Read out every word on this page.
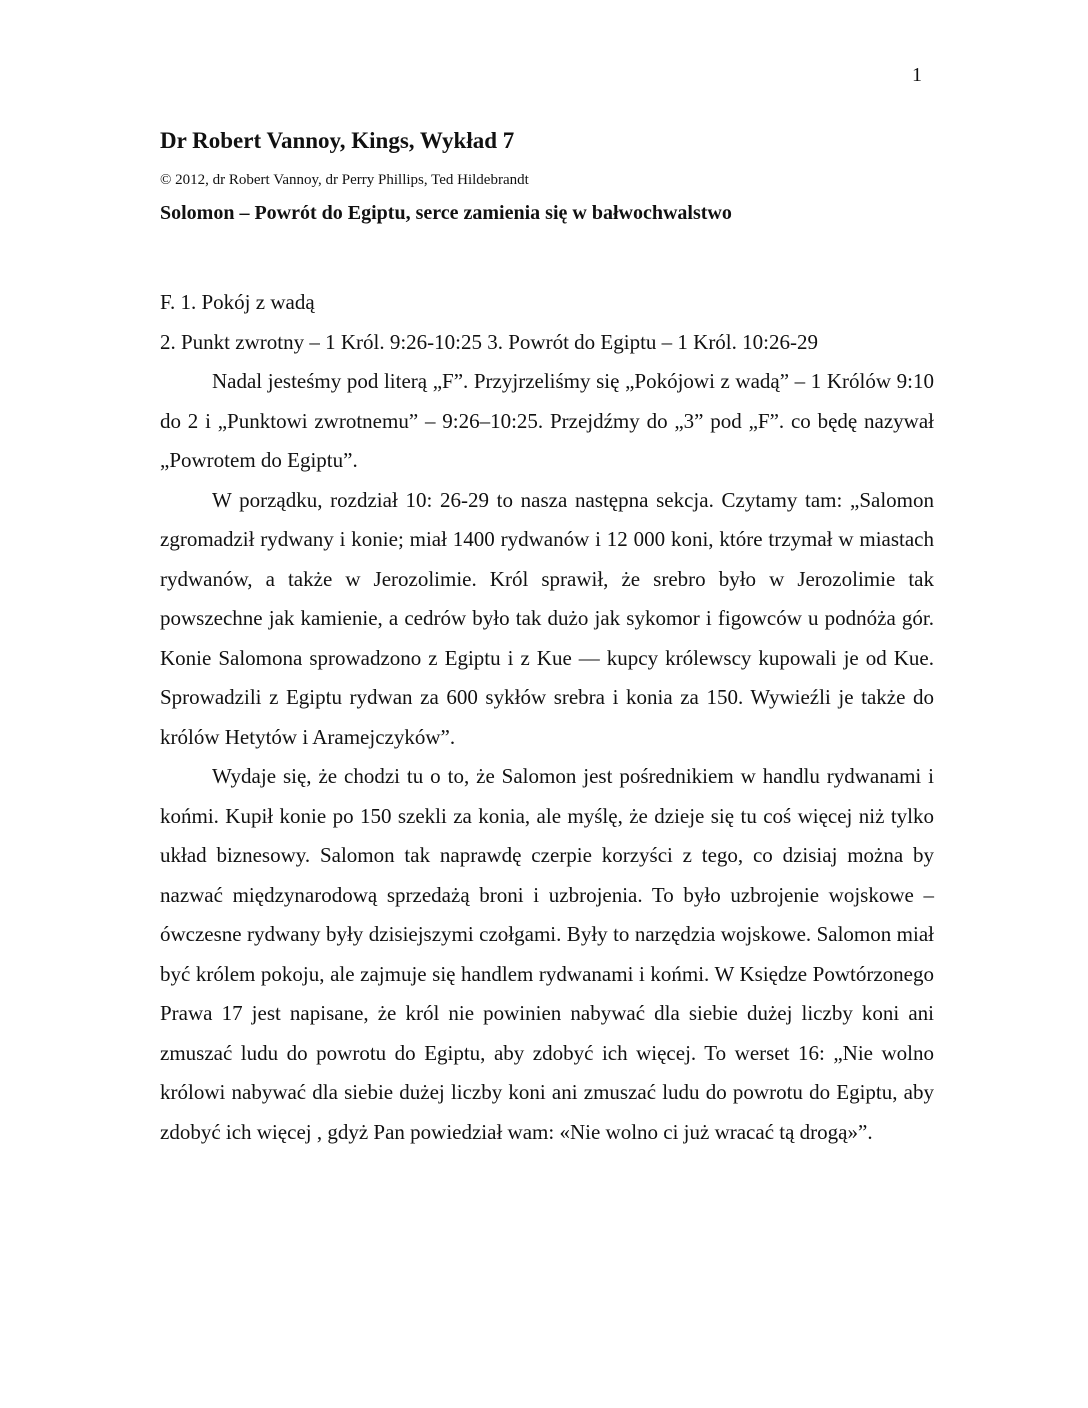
1
Dr Robert Vannoy, Kings, Wykład 7
© 2012, dr Robert Vannoy, dr Perry Phillips, Ted Hildebrandt
Solomon – Powrót do Egiptu, serce zamienia się w bałwochwalstwo
F. 1. Pokój z wadą
2. Punkt zwrotny – 1 Król. 9:26-10:25 3. Powrót do Egiptu – 1 Król. 10:26-29

Nadal jesteśmy pod literą „F”. Przyjrzeliśmy się „Pokójowi z wadą” – 1 Królów 9:10 do 2 i „Punktowi zwrotnemu” – 9:26–10:25. Przejdźmy do „3” pod „F”. co będę nazywał „Powrotem do Egiptu”.

W porządku, rozdział 10: 26-29 to nasza następna sekcja. Czytamy tam: „Salomon zgromadził rydwany i konie; miał 1400 rydwanów i 12 000 koni, które trzymał w miastach rydwanów, a także w Jerozolimie. Król sprawił, że srebro było w Jerozolimie tak powszechne jak kamienie, a cedrów było tak dużo jak sykomor i figowców u podnóża gór. Konie Salomona sprowadzono z Egiptu i z Kue — kupcy królewscy kupowali je od Kue. Sprowadzili z Egiptu rydwan za 600 sykłów srebra i konia za 150. Wywieźli je także do królów Hetytów i Aramejczyków”.

Wydaje się, że chodzi tu o to, że Salomon jest pośrednikiem w handlu rydwanami i końmi. Kupił konie po 150 szekli za konia, ale myślę, że dzieje się tu coś więcej niż tylko układ biznesowy. Salomon tak naprawdę czerpie korzyści z tego, co dzisiaj można by nazwać międzynarodową sprzedażą broni i uzbrojenia. To było uzbrojenie wojskowe – ówczesne rydwany były dzisiejszymi czołgami. Były to narzędzia wojskowe. Salomon miał być królem pokoju, ale zajmuje się handlem rydwanami i końmi. W Księdze Powtórzonego Prawa 17 jest napisane, że król nie powinien nabywać dla siebie dużej liczby koni ani zmuszać ludu do powrotu do Egiptu, aby zdobyć ich więcej. To werset 16: „Nie wolno królowi nabywać dla siebie dużej liczby koni ani zmuszać ludu do powrotu do Egiptu, aby zdobyć ich więcej , gdyż Pan powiedział wam: «Nie wolno ci już wracać tą drogą»”.
